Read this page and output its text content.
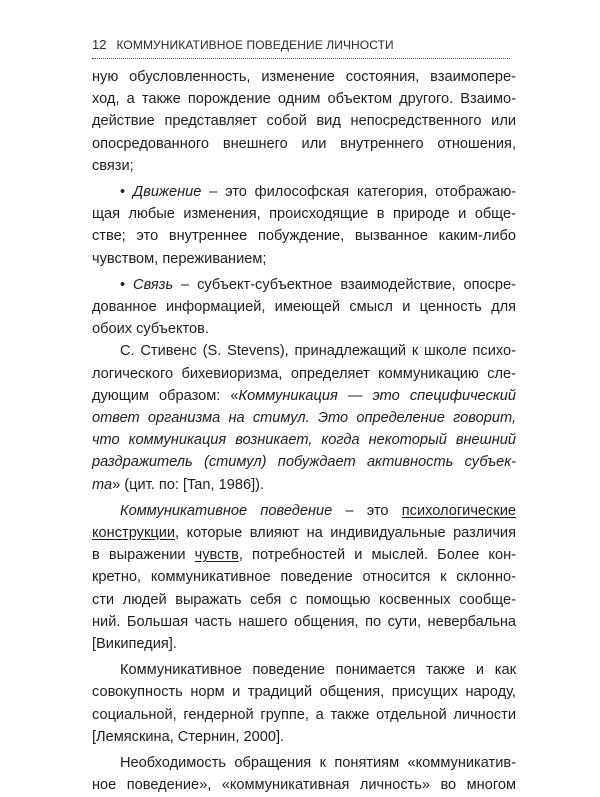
12 КОММУНИКАТИВНОЕ ПОВЕДЕНИЕ ЛИЧНОСТИ
ную обусловленность, изменение состояния, взаимопере-
ход, а также порождение одним объектом другого. Взаимо-
действие представляет собой вид непосредственного или
опосредованного внешнего или внутреннего отношения,
связи;
• Движение – это философская категория, отображаю-
щая любые изменения, происходящие в природе и обще-
стве; это внутреннее побуждение, вызванное каким-либо
чувством, переживанием;
• Связь – субъект-субъектное взаимодействие, опосре-
дованное информацией, имеющей смысл и ценность для
обоих субъектов.
С. Стивенс (S. Stevens), принадлежащий к школе психо-
логического бихевиоризма, определяет коммуникацию сле-
дующим образом: «Коммуникация — это специфический
ответ организма на стимул. Это определение говорит,
что коммуникация возникает, когда некоторый внешний
раздражитель (стимул) побуждает активность субъек-
та» (цит. по: [Tan, 1986]).
Коммуникативное поведение – это психологические
конструкции, которые влияют на индивидуальные различия
в выражении чувств, потребностей и мыслей. Более кон-
кретно, коммуникативное поведение относится к склонно-
сти людей выражать себя с помощью косвенных сообще-
ний. Большая часть нашего общения, по сути, невербальна
[Википедия].
Коммуникативное поведение понимается также и как
совокупность норм и традиций общения, присущих народу,
социальной, гендерной группе, а также отдельной личности
[Лемяскина, Стернин, 2000].
Необходимость обращения к понятиям «коммуникатив-
ное поведение», «коммуникативная личность» во многом
